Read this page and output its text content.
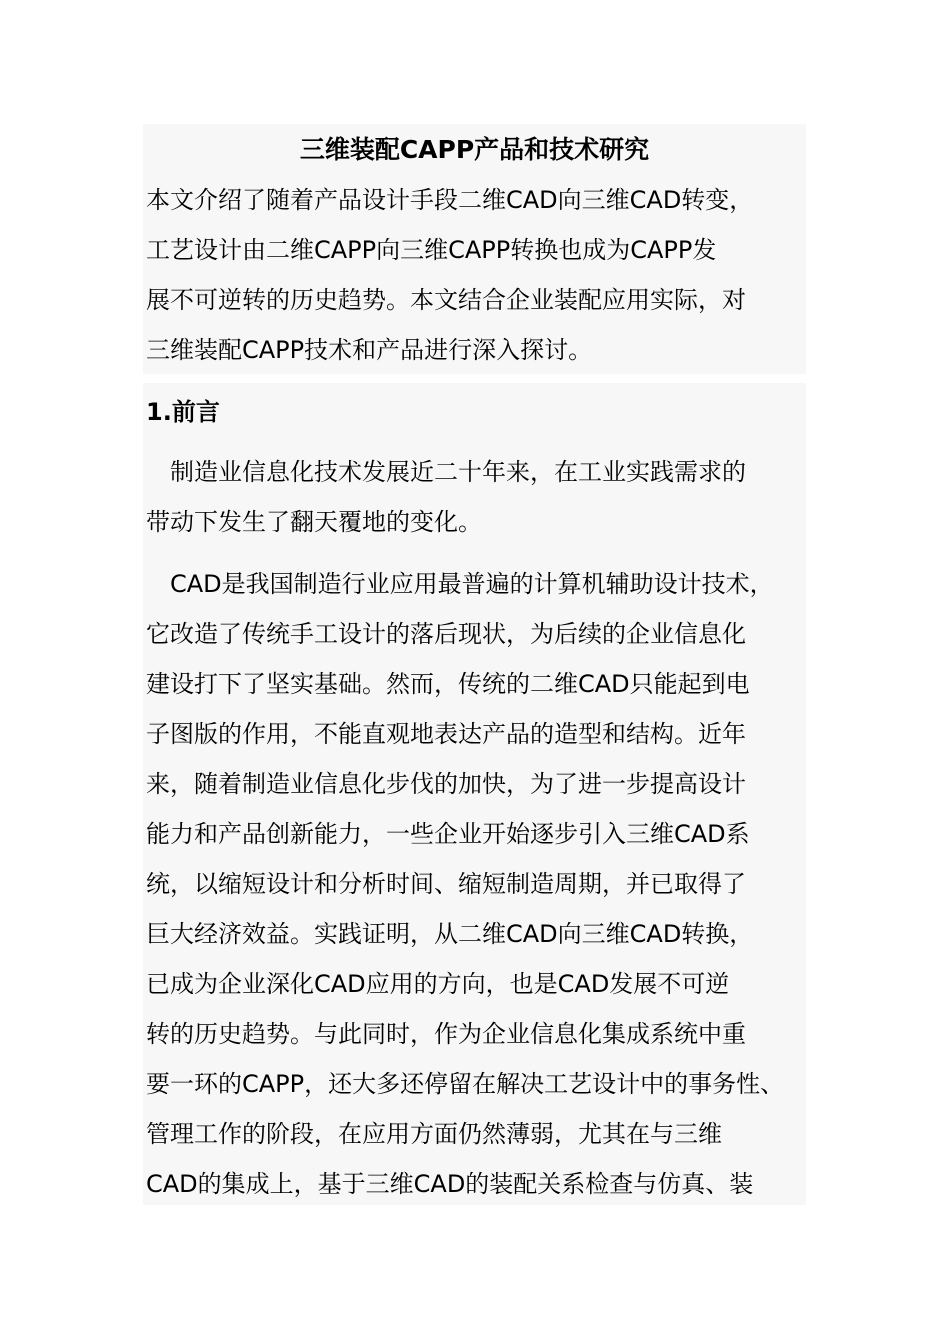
三维装配CAPP产品和技术研究
本文介绍了随着产品设计手段二维CAD向三维CAD转变，
工艺设计由二维CAPP向三维CAPP转换也成为CAPP发
展不可逆转的历史趋势。本文结合企业装配应用实际，对
三维装配CAPP技术和产品进行深入探讨。
1.前言
　制造业信息化技术发展近二十年来，在工业实践需求的
带动下发生了翻天覆地的变化。
　CAD是我国制造行业应用最普遍的计算机辅助设计技术，
它改造了传统手工设计的落后现状，为后续的企业信息化
建设打下了坚实基础。然而，传统的二维CAD只能起到电
子图版的作用，不能直观地表达产品的造型和结构。近年
来，随着制造业信息化步伐的加快，为了进一步提高设计
能力和产品创新能力，一些企业开始逐步引入三维CAD系
统，以缩短设计和分析时间、缩短制造周期，并已取得了
巨大经济效益。实践证明，从二维CAD向三维CAD转换，
已成为企业深化CAD应用的方向，也是CAD发展不可逆
转的历史趋势。与此同时，作为企业信息化集成系统中重
要一环的CAPP，还大多还停留在解决工艺设计中的事务性、
管理工作的阶段，在应用方面仍然薄弱，尤其在与三维
CAD的集成上，基于三维CAD的装配关系检查与仿真、装
